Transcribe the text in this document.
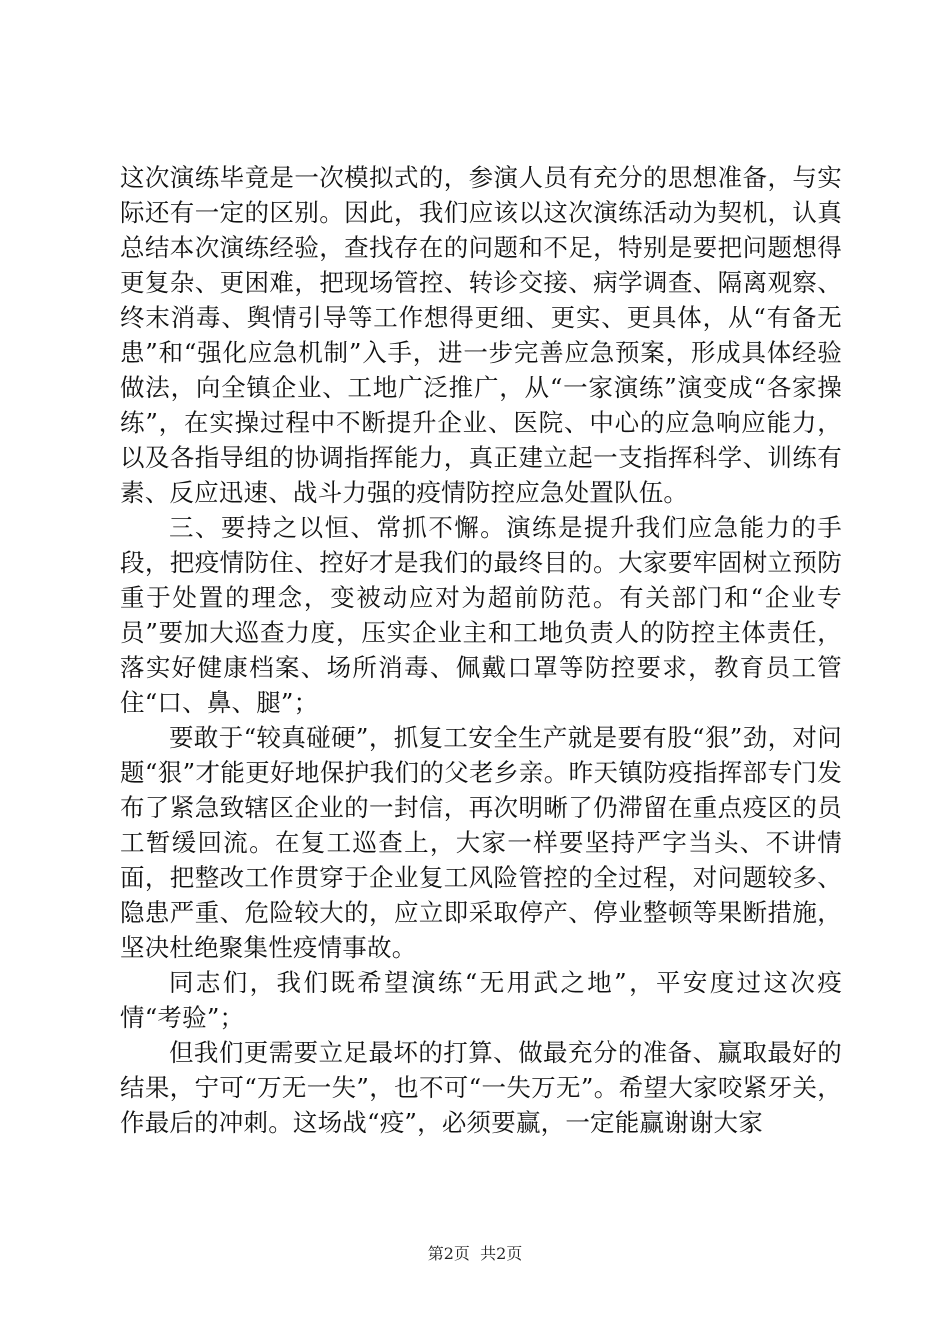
这次演练毕竟是一次模拟式的，参演人员有充分的思想准备，与实际还有一定的区别。因此，我们应该以这次演练活动为契机，认真总结本次演练经验，查找存在的问题和不足，特别是要把问题想得更复杂、更困难，把现场管控、转诊交接、病学调查、隔离观察、终末消毒、舆情引导等工作想得更细、更实、更具体，从“有备无患”和“强化应急机制”入手，进一步完善应急预案，形成具体经验做法，向全镇企业、工地广泛推广，从“一家演练”演变成“各家操练”，在实操过程中不断提升企业、医院、中心的应急响应能力，以及各指导组的协调指挥能力，真正建立起一支指挥科学、训练有素、反应迅速、战斗力强的疫情防控应急处置队伍。

三、要持之以恒、常抓不懈。演练是提升我们应急能力的手段，把疫情防住、控好才是我们的最终目的。大家要牢固树立预防重于处置的理念，变被动应对为超前防范。有关部门和“企业专员”要加大巡查力度，压实企业主和工地负责人的防控主体责任，落实好健康档案、场所消毒、佩戴口罩等防控要求，教育员工管住“口、鼻、腿”；

要敢于“较真碰硬”，抓复工安全生产就是要有股“狠”劲，对问题“狠”才能更好地保护我们的父老乡亲。昨天镇防疫指挥部专门发布了紧急致辖区企业的一封信，再次明晰了仍滞留在重点疫区的员工暂缓回流。在复工巡查上，大家一样要坚持严字当头、不讲情面，把整改工作贯穿于企业复工风险管控的全过程，对问题较多、隐患严重、危险较大的，应立即采取停产、停业整顿等果断措施，坚决杜绝聚集性疫情事故。

同志们，我们既希望演练“无用武之地”，平安度过这次疫情“考验”；

但我们更需要立足最坏的打算、做最充分的准备、赢取最好的结果，宁可“万无一失”，也不可“一失万无”。希望大家咬紧牙关，作最后的冲刺。这场战“疫”，必须要赢，一定能赢谢谢大家

第2页 共2页
